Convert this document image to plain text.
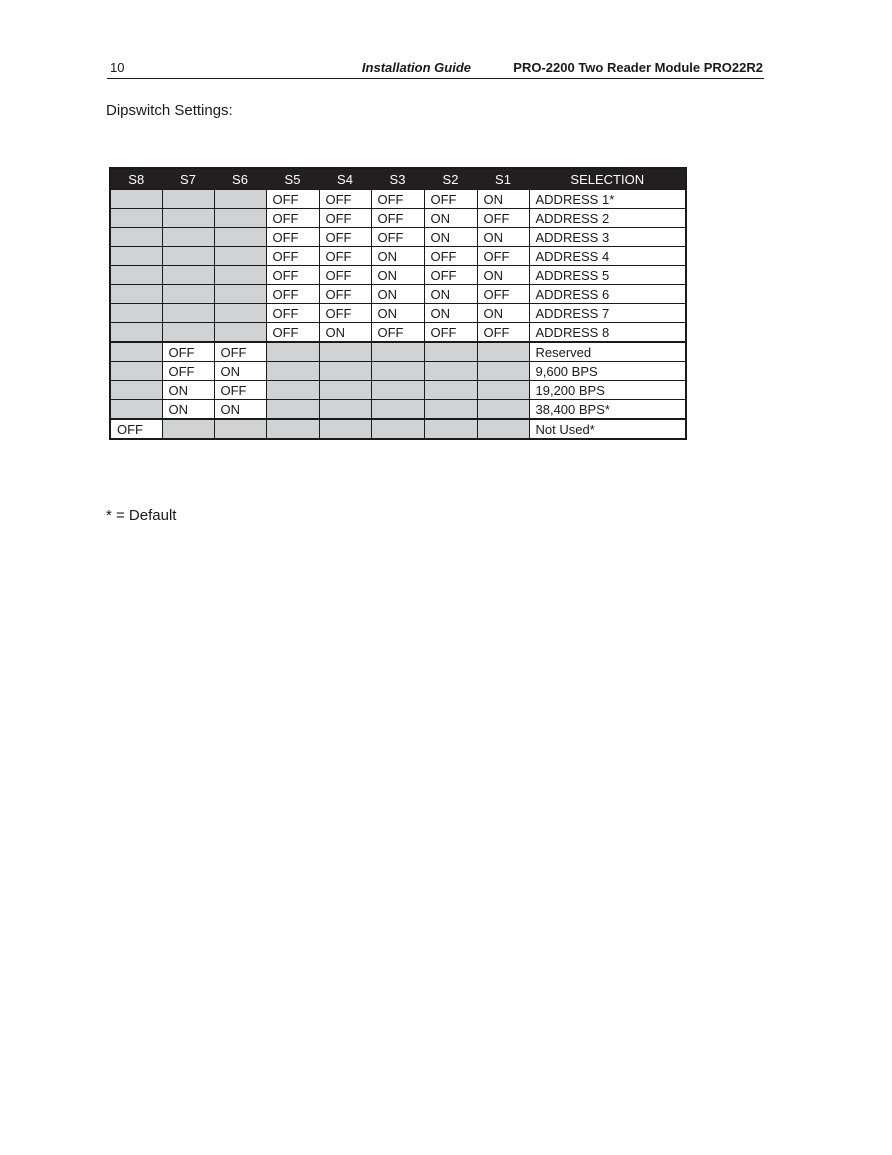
10	Installation Guide	PRO-2200 Two Reader Module PRO22R2
Dipswitch Settings:
S8	S7	S6	S5	S4	S3	S2	S1	SELECTION
			OFF	OFF	OFF	OFF	ON	ADDRESS 1*
			OFF	OFF	OFF	ON	OFF	ADDRESS 2
			OFF	OFF	OFF	ON	ON	ADDRESS 3
			OFF	OFF	ON	OFF	OFF	ADDRESS 4
			OFF	OFF	ON	OFF	ON	ADDRESS 5
			OFF	OFF	ON	ON	OFF	ADDRESS 6
			OFF	OFF	ON	ON	ON	ADDRESS 7
			OFF	ON	OFF	OFF	OFF	ADDRESS 8
	OFF	OFF						Reserved
	OFF	ON						9,600 BPS
	ON	OFF						19,200 BPS
	ON	ON						38,400 BPS*
OFF								Not Used*
* = Default
